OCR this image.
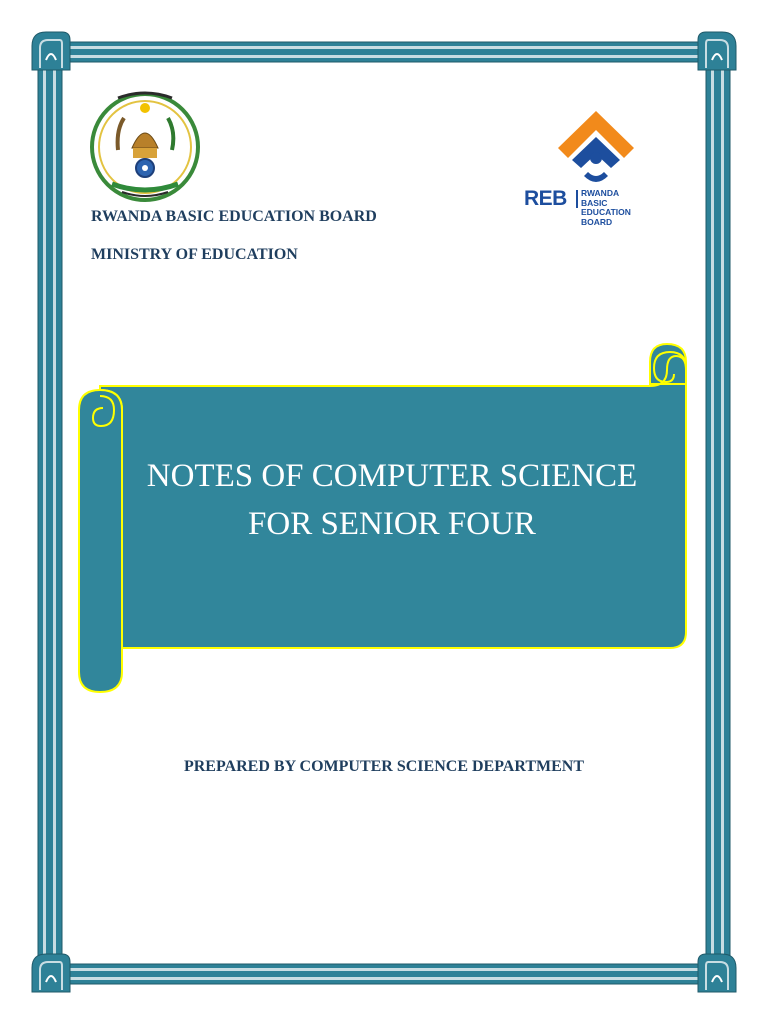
RWANDA BASIC EDUCATION BOARD

MINISTRY OF EDUCATION

REB RWANDA BASIC
EDUCATION BOARD
NOTES OF COMPUTER SCIENCE
FOR SENIOR FOUR

PREPARED BY COMPUTER SCIENCE DEPARTMENT
